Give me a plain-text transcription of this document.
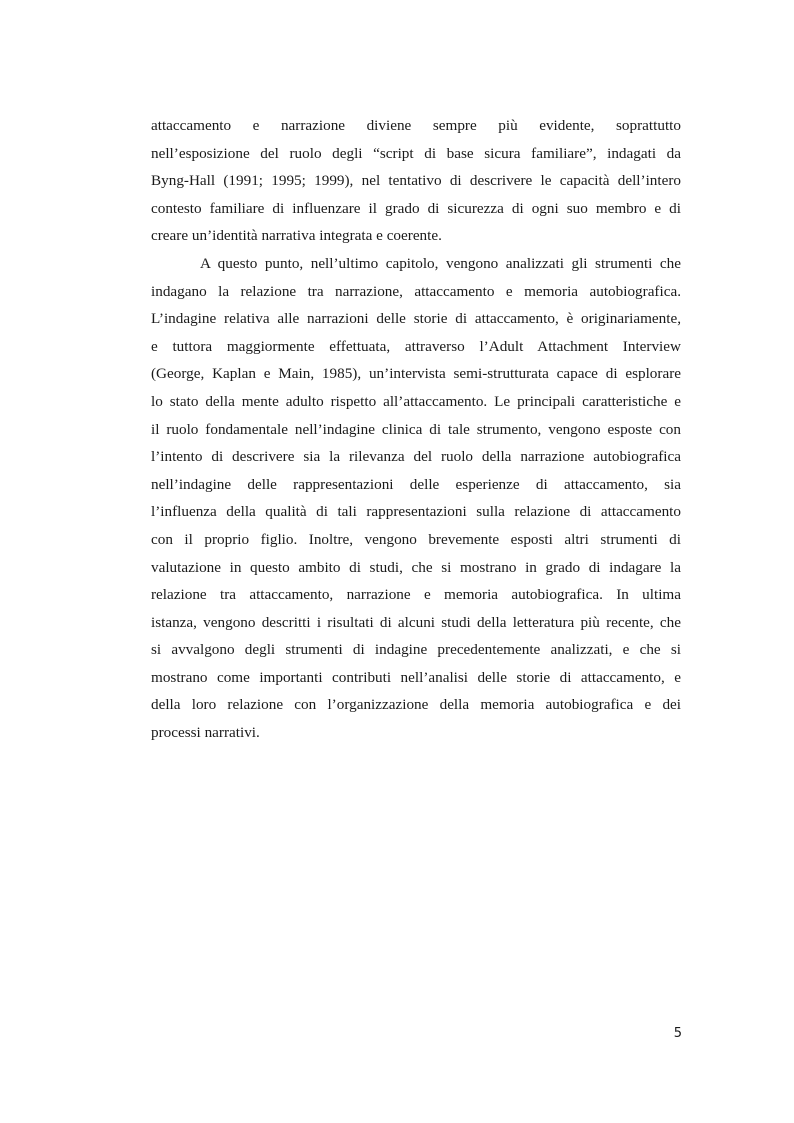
attaccamento e narrazione diviene sempre più evidente, soprattutto
nell’esposizione del ruolo degli “script di base sicura familiare”, indagati da
Byng-Hall (1991; 1995; 1999), nel tentativo di descrivere le capacità dell’intero
contesto familiare di influenzare il grado di sicurezza di ogni suo membro e di
creare un’identità narrativa integrata e coerente.
A questo punto, nell’ultimo capitolo, vengono analizzati gli strumenti che
indagano la relazione tra narrazione, attaccamento e memoria autobiografica.
L’indagine relativa alle narrazioni delle storie di attaccamento, è originariamente,
e tuttora maggiormente effettuata, attraverso l’Adult Attachment Interview
(George, Kaplan e Main, 1985), un’intervista semi-strutturata capace di esplorare
lo stato della mente adulto rispetto all’attaccamento. Le principali caratteristiche e
il ruolo fondamentale nell’indagine clinica di tale strumento, vengono esposte con
l’intento di descrivere sia la rilevanza del ruolo della narrazione autobiografica
nell’indagine delle rappresentazioni delle esperienze di attaccamento, sia
l’influenza della qualità di tali rappresentazioni sulla relazione di attaccamento
con il proprio figlio. Inoltre, vengono brevemente esposti altri strumenti di
valutazione in questo ambito di studi, che si mostrano in grado di indagare la
relazione tra attaccamento, narrazione e memoria autobiografica. In ultima
istanza, vengono descritti i risultati di alcuni studi della letteratura più recente, che
si avvalgono degli strumenti di indagine precedentemente analizzati, e che si
mostrano come importanti contributi nell’analisi delle storie di attaccamento, e
della loro relazione con l’organizzazione della memoria autobiografica e dei
processi narrativi.
5
